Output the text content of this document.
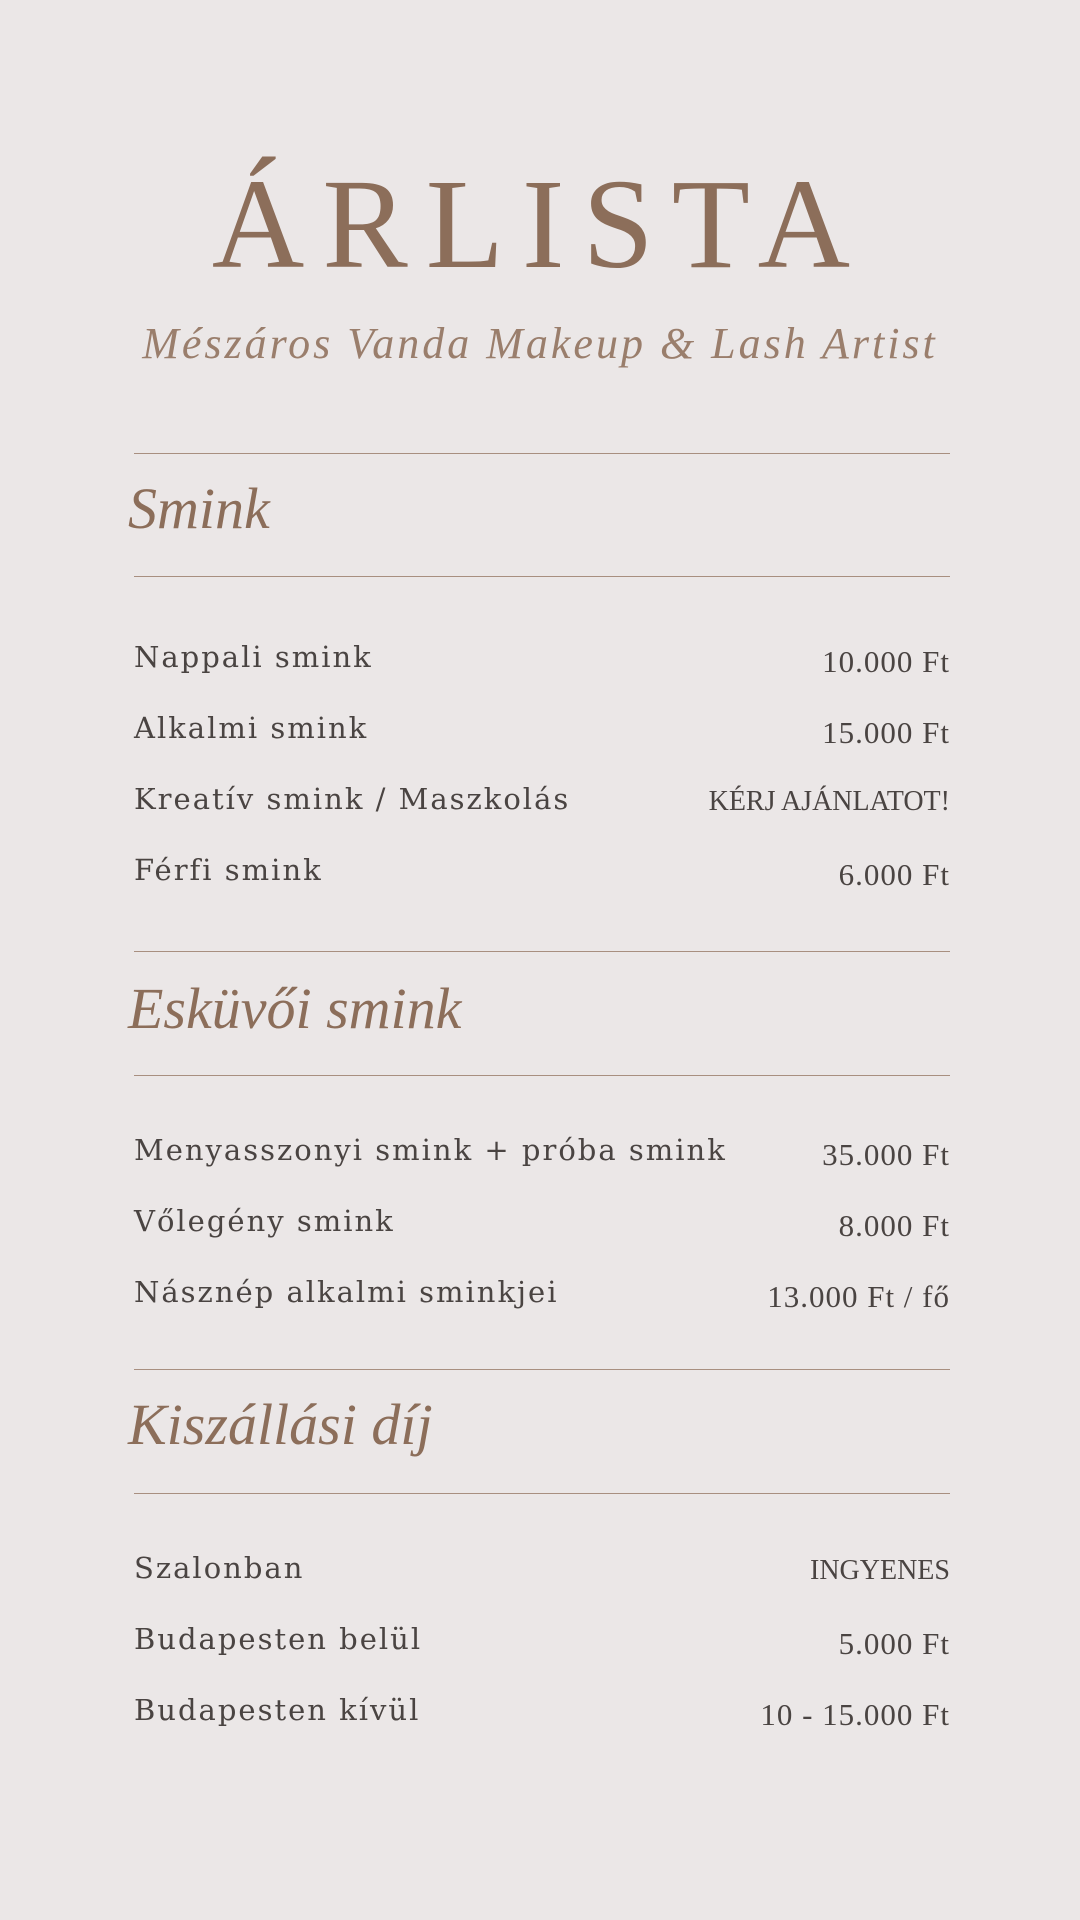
ÁRLISTA
Mészáros Vanda Makeup & Lash Artist
Smink
Nappali smink	10.000 Ft
Alkalmi smink	15.000 Ft
Kreatív smink / Maszkolás	KÉRJ AJÁNLATOT!
Férfi smink	6.000 Ft
Esküvői smink
Menyasszonyi smink + próba smink	35.000 Ft
Vőlegény smink	8.000 Ft
Násznép alkalmi sminkjei	13.000 Ft / fő
Kiszállási díj
Szalonban	INGYENES
Budapesten belül	5.000 Ft
Budapesten kívül	10 - 15.000 Ft
